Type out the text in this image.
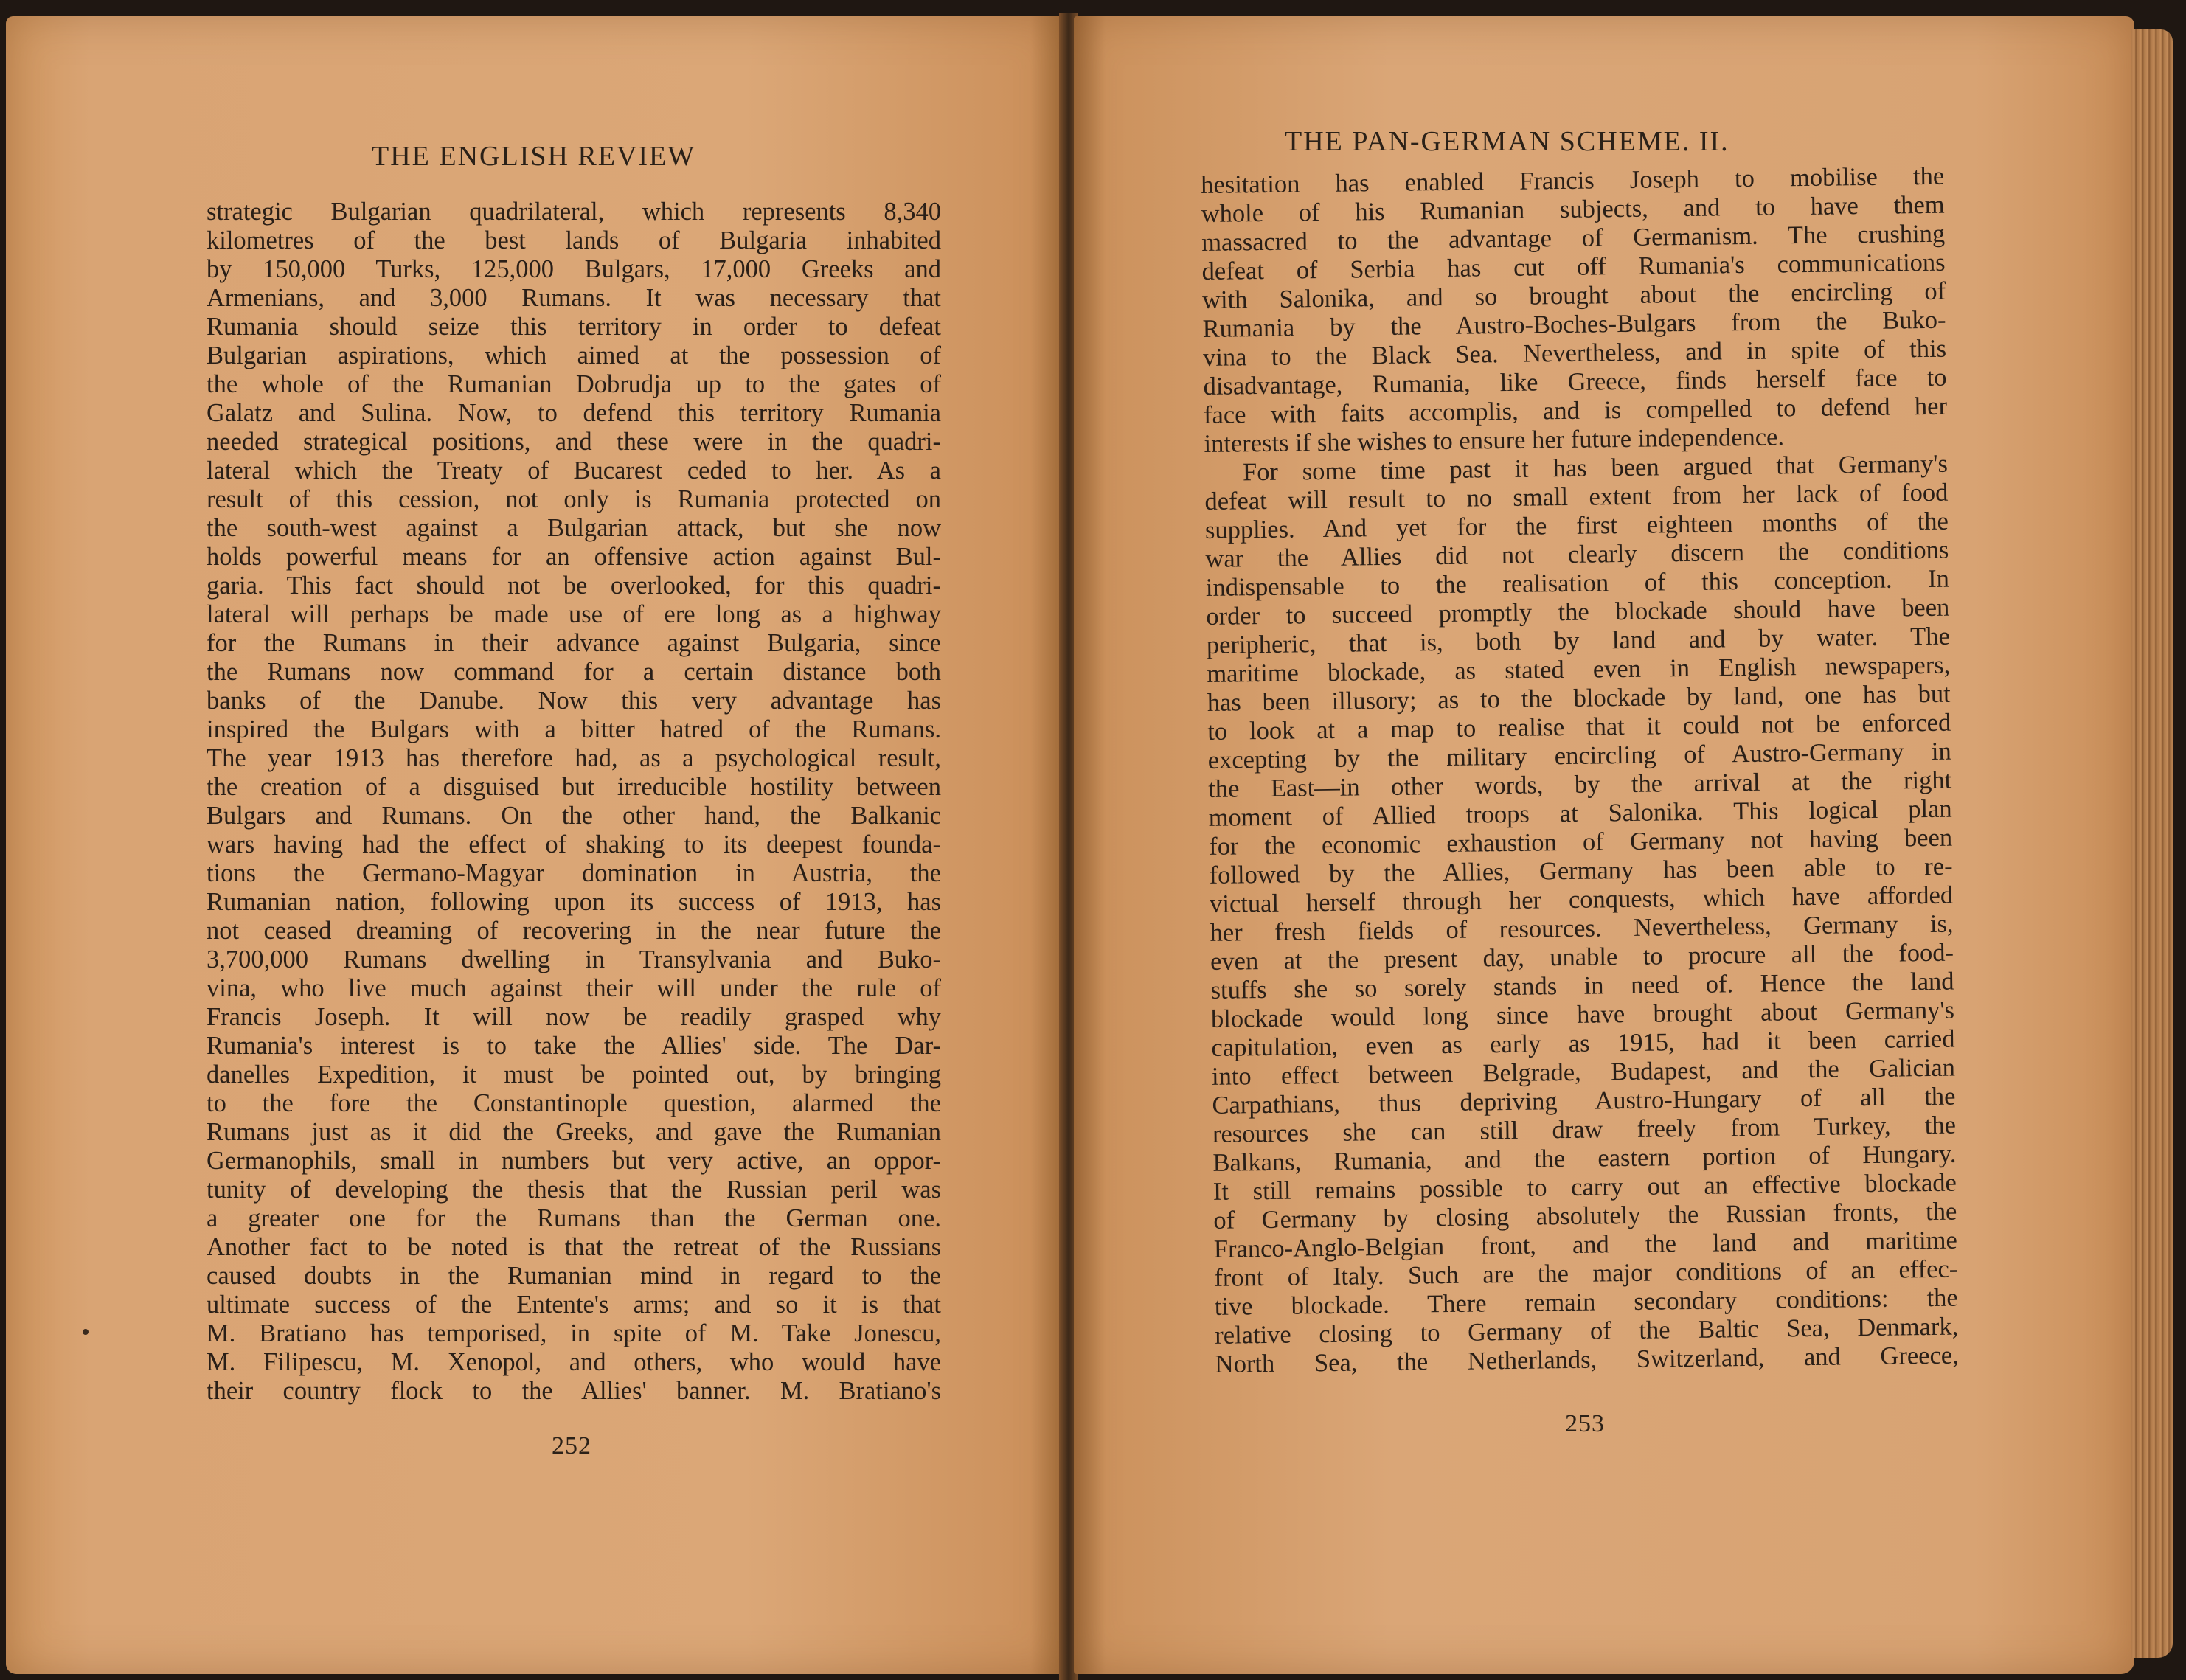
THE ENGLISH REVIEW
strategic Bulgarian quadrilateral, which represents 8,340
kilometres of the best lands of Bulgaria inhabited
by 150,000 Turks, 125,000 Bulgars, 17,000 Greeks and
Armenians, and 3,000 Rumans. It was necessary that
Rumania should seize this territory in order to defeat
Bulgarian aspirations, which aimed at the possession of
the whole of the Rumanian Dobrudja up to the gates of
Galatz and Sulina. Now, to defend this territory Rumania
needed strategical positions, and these were in the quadri-
lateral which the Treaty of Bucarest ceded to her. As a
result of this cession, not only is Rumania protected on
the south-west against a Bulgarian attack, but she now
holds powerful means for an offensive action against Bul-
garia. This fact should not be overlooked, for this quadri-
lateral will perhaps be made use of ere long as a highway
for the Rumans in their advance against Bulgaria, since
the Rumans now command for a certain distance both
banks of the Danube. Now this very advantage has
inspired the Bulgars with a bitter hatred of the Rumans.
The year 1913 has therefore had, as a psychological result,
the creation of a disguised but irreducible hostility between
Bulgars and Rumans. On the other hand, the Balkanic
wars having had the effect of shaking to its deepest founda-
tions the Germano-Magyar domination in Austria, the
Rumanian nation, following upon its success of 1913, has
not ceased dreaming of recovering in the near future the
3,700,000 Rumans dwelling in Transylvania and Buko-
vina, who live much against their will under the rule of
Francis Joseph. It will now be readily grasped why
Rumania's interest is to take the Allies' side. The Dar-
danelles Expedition, it must be pointed out, by bringing
to the fore the Constantinople question, alarmed the
Rumans just as it did the Greeks, and gave the Rumanian
Germanophils, small in numbers but very active, an oppor-
tunity of developing the thesis that the Russian peril was
a greater one for the Rumans than the German one.
Another fact to be noted is that the retreat of the Russians
caused doubts in the Rumanian mind in regard to the
ultimate success of the Entente's arms; and so it is that
M. Bratiano has temporised, in spite of M. Take Jonescu,
M. Filipescu, M. Xenopol, and others, who would have
their country flock to the Allies' banner. M. Bratiano's
252
THE PAN-GERMAN SCHEME. II.
hesitation has enabled Francis Joseph to mobilise the
whole of his Rumanian subjects, and to have them
massacred to the advantage of Germanism. The crushing
defeat of Serbia has cut off Rumania's communications
with Salonika, and so brought about the encircling of
Rumania by the Austro-Boches-Bulgars from the Buko-
vina to the Black Sea. Nevertheless, and in spite of this
disadvantage, Rumania, like Greece, finds herself face to
face with faits accomplis, and is compelled to defend her
interests if she wishes to ensure her future independence.
For some time past it has been argued that Germany's
defeat will result to no small extent from her lack of food
supplies. And yet for the first eighteen months of the
war the Allies did not clearly discern the conditions
indispensable to the realisation of this conception. In
order to succeed promptly the blockade should have been
peripheric, that is, both by land and by water. The
maritime blockade, as stated even in English newspapers,
has been illusory; as to the blockade by land, one has but
to look at a map to realise that it could not be enforced
excepting by the military encircling of Austro-Germany in
the East—in other words, by the arrival at the right
moment of Allied troops at Salonika. This logical plan
for the economic exhaustion of Germany not having been
followed by the Allies, Germany has been able to re-
victual herself through her conquests, which have afforded
her fresh fields of resources. Nevertheless, Germany is,
even at the present day, unable to procure all the food-
stuffs she so sorely stands in need of. Hence the land
blockade would long since have brought about Germany's
capitulation, even as early as 1915, had it been carried
into effect between Belgrade, Budapest, and the Galician
Carpathians, thus depriving Austro-Hungary of all the
resources she can still draw freely from Turkey, the
Balkans, Rumania, and the eastern portion of Hungary.
It still remains possible to carry out an effective blockade
of Germany by closing absolutely the Russian fronts, the
Franco-Anglo-Belgian front, and the land and maritime
front of Italy. Such are the major conditions of an effec-
tive blockade. There remain secondary conditions: the
relative closing to Germany of the Baltic Sea, Denmark,
North Sea, the Netherlands, Switzerland, and Greece,
253
